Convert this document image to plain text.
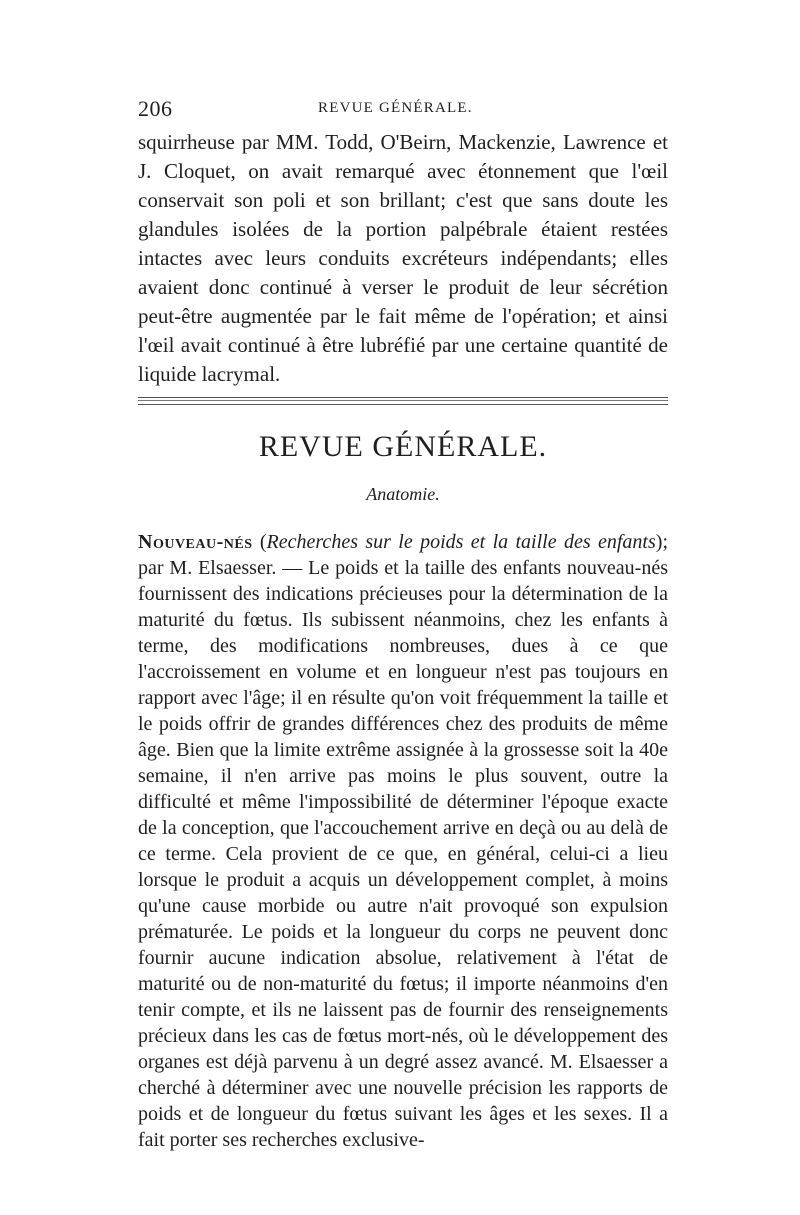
206	REVUE GÉNÉRALE.

squirrheuse par MM. Todd, O'Beirn, Mackenzie, Lawrence et J. Cloquet, on avait remarqué avec étonnement que l'œil conservait son poli et son brillant; c'est que sans doute les glandules isolées de la portion palpébrale étaient restées intactes avec leurs conduits excréteurs indépendants; elles avaient donc continué à verser le produit de leur sécrétion peut-être augmentée par le fait même de l'opération; et ainsi l'œil avait continué à être lubréfié par une certaine quantité de liquide lacrymal.

REVUE GÉNÉRALE.
Anatomie.

Nouveau-nés (Recherches sur le poids et la taille des enfants); par M. Elsaesser. — Le poids et la taille des enfants nouveau-nés fournissent des indications précieuses pour la détermination de la maturité du fœtus. Ils subissent néanmoins, chez les enfants à terme, des modifications nombreuses, dues à ce que l'accroissement en volume et en longueur n'est pas toujours en rapport avec l'âge; il en résulte qu'on voit fréquemment la taille et le poids offrir de grandes différences chez des produits de même âge. Bien que la limite extrême assignée à la grossesse soit la 40e semaine, il n'en arrive pas moins le plus souvent, outre la difficulté et même l'impossibilité de déterminer l'époque exacte de la conception, que l'accouchement arrive en deçà ou au delà de ce terme. Cela provient de ce que, en général, celui-ci a lieu lorsque le produit a acquis un développement complet, à moins qu'une cause morbide ou autre n'ait provoqué son expulsion prématurée. Le poids et la longueur du corps ne peuvent donc fournir aucune indication absolue, relativement à l'état de maturité ou de non-maturité du fœtus; il importe néanmoins d'en tenir compte, et ils ne laissent pas de fournir des renseignements précieux dans les cas de fœtus mort-nés, où le développement des organes est déjà parvenu à un degré assez avancé. M. Elsaesser a cherché à déterminer avec une nouvelle précision les rapports de poids et de longueur du fœtus suivant les âges et les sexes. Il a fait porter ses recherches exclusive-
